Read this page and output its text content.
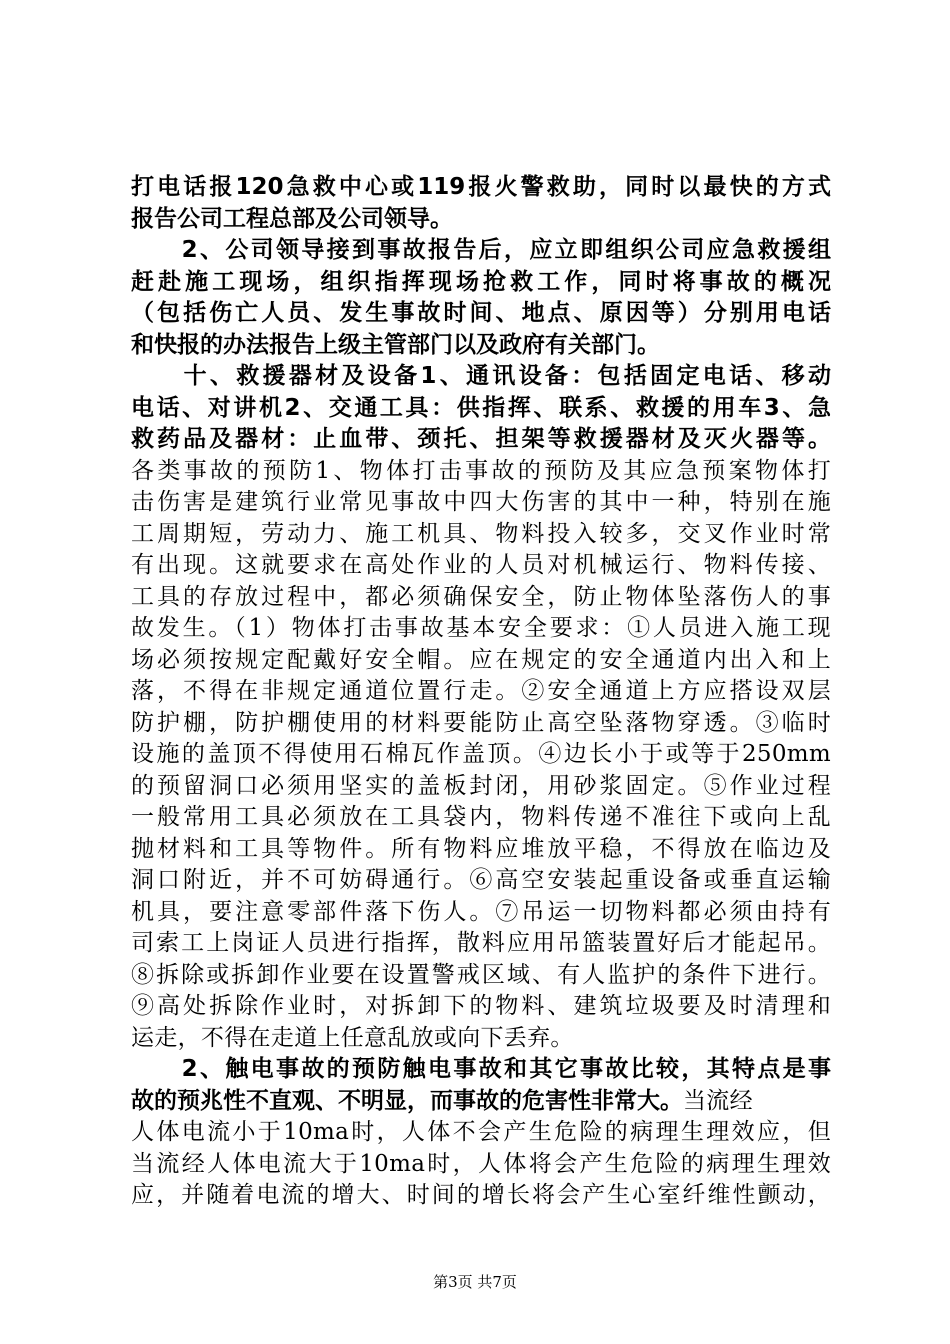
打电话报120急救中心或119报火警救助，同时以最快的方式
报告公司工程总部及公司领导。
　　2、公司领导接到事故报告后，应立即组织公司应急救援组
赶赴施工现场，组织指挥现场抢救工作，同时将事故的概况
（包括伤亡人员、发生事故时间、地点、原因等）分别用电话
和快报的办法报告上级主管部门以及政府有关部门。
　　十、救援器材及设备1、通讯设备：包括固定电话、移动
电话、对讲机2、交通工具：供指挥、联系、救援的用车3、急
救药品及器材：止血带、颈托、担架等救援器材及灭火器等。
各类事故的预防1、物体打击事故的预防及其应急预案物体打
击伤害是建筑行业常见事故中四大伤害的其中一种，特别在施
工周期短，劳动力、施工机具、物料投入较多，交叉作业时常
有出现。这就要求在高处作业的人员对机械运行、物料传接、
工具的存放过程中，都必须确保安全，防止物体坠落伤人的事
故发生。（1）物体打击事故基本安全要求：①人员进入施工现
场必须按规定配戴好安全帽。应在规定的安全通道内出入和上
落，不得在非规定通道位置行走。②安全通道上方应搭设双层
防护棚，防护棚使用的材料要能防止高空坠落物穿透。③临时
设施的盖顶不得使用石棉瓦作盖顶。④边长小于或等于250mm
的预留洞口必须用坚实的盖板封闭，用砂浆固定。⑤作业过程
一般常用工具必须放在工具袋内，物料传递不准往下或向上乱
抛材料和工具等物件。所有物料应堆放平稳，不得放在临边及
洞口附近，并不可妨碍通行。⑥高空安装起重设备或垂直运输
机具，要注意零部件落下伤人。⑦吊运一切物料都必须由持有
司索工上岗证人员进行指挥，散料应用吊篮装置好后才能起吊。
⑧拆除或拆卸作业要在设置警戒区域、有人监护的条件下进行。
⑨高处拆除作业时，对拆卸下的物料、建筑垃圾要及时清理和
运走，不得在走道上任意乱放或向下丢弃。
　　2、触电事故的预防触电事故和其它事故比较，其特点是事
故的预兆性不直观、不明显，而事故的危害性非常大。当流经
人体电流小于10ma时，人体不会产生危险的病理生理效应，但
当流经人体电流大于10ma时，人体将会产生危险的病理生理效
应，并随着电流的增大、时间的增长将会产生心室纤维性颤动，
第3页 共7页
